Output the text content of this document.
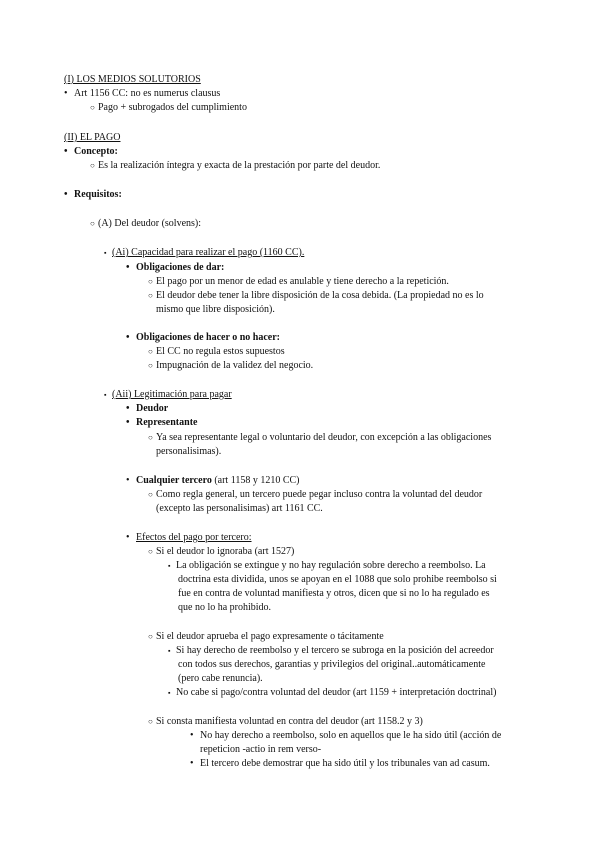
(I) LOS MEDIOS SOLUTORIOS
• Art 1156 CC: no es numerus clausus
○ Pago + subrogados del cumplimiento
(II) EL PAGO
• Concepto:
○ Es la realización íntegra y exacta de la prestación por parte del deudor.
• Requisitos:
○ (A) Del deudor (solvens):
▪ (Ai) Capacidad para realizar el pago (1160 CC).
• Obligaciones de dar:
○ El pago por un menor de edad es anulable y tiene derecho a la repetición.
○ El deudor debe tener la libre disposición de la cosa debida. (La propiedad no es lo
mismo que libre disposición).
• Obligaciones de hacer o no hacer:
○ El CC no regula estos supuestos
○ Impugnación de la validez del negocio.
▪ (Aii) Legitimación para pagar
• Deudor
• Representante
○ Ya sea representante legal o voluntario del deudor, con excepción a las obligaciones
personalisimas).
• Cualquier tercero (art 1158 y 1210 CC)
○ Como regla general, un tercero puede pegar incluso contra la voluntad del deudor
(excepto las personalisimas) art 1161 CC.
• Efectos del pago por tercero:
○ Si el deudor lo ignoraba (art 1527)
▪ La obligación se extingue y no hay regulación sobre derecho a reembolso. La
doctrina esta dividida, unos se apoyan en el 1088 que solo prohibe reembolso si
fue en contra de voluntad manifiesta y otros, dicen que si no lo ha regulado es
que no lo ha prohibido.
○ Si el deudor aprueba el pago expresamente o tácitamente
▪ Si hay derecho de reembolso y el tercero se subroga en la posición del acreedor
con todos sus derechos, garantias y privilegios del original..automáticamente
(pero cabe renuncia).
▪ No cabe si pago/contra voluntad del deudor (art 1159 + interpretación doctrinal)
○ Si consta manifiesta voluntad en contra del deudor (art 1158.2 y 3)
• No hay derecho a reembolso, solo en aquellos que le ha sido útil (acción de
repeticion -actio in rem verso-
• El tercero debe demostrar que ha sido útil y los tribunales van ad casum.
